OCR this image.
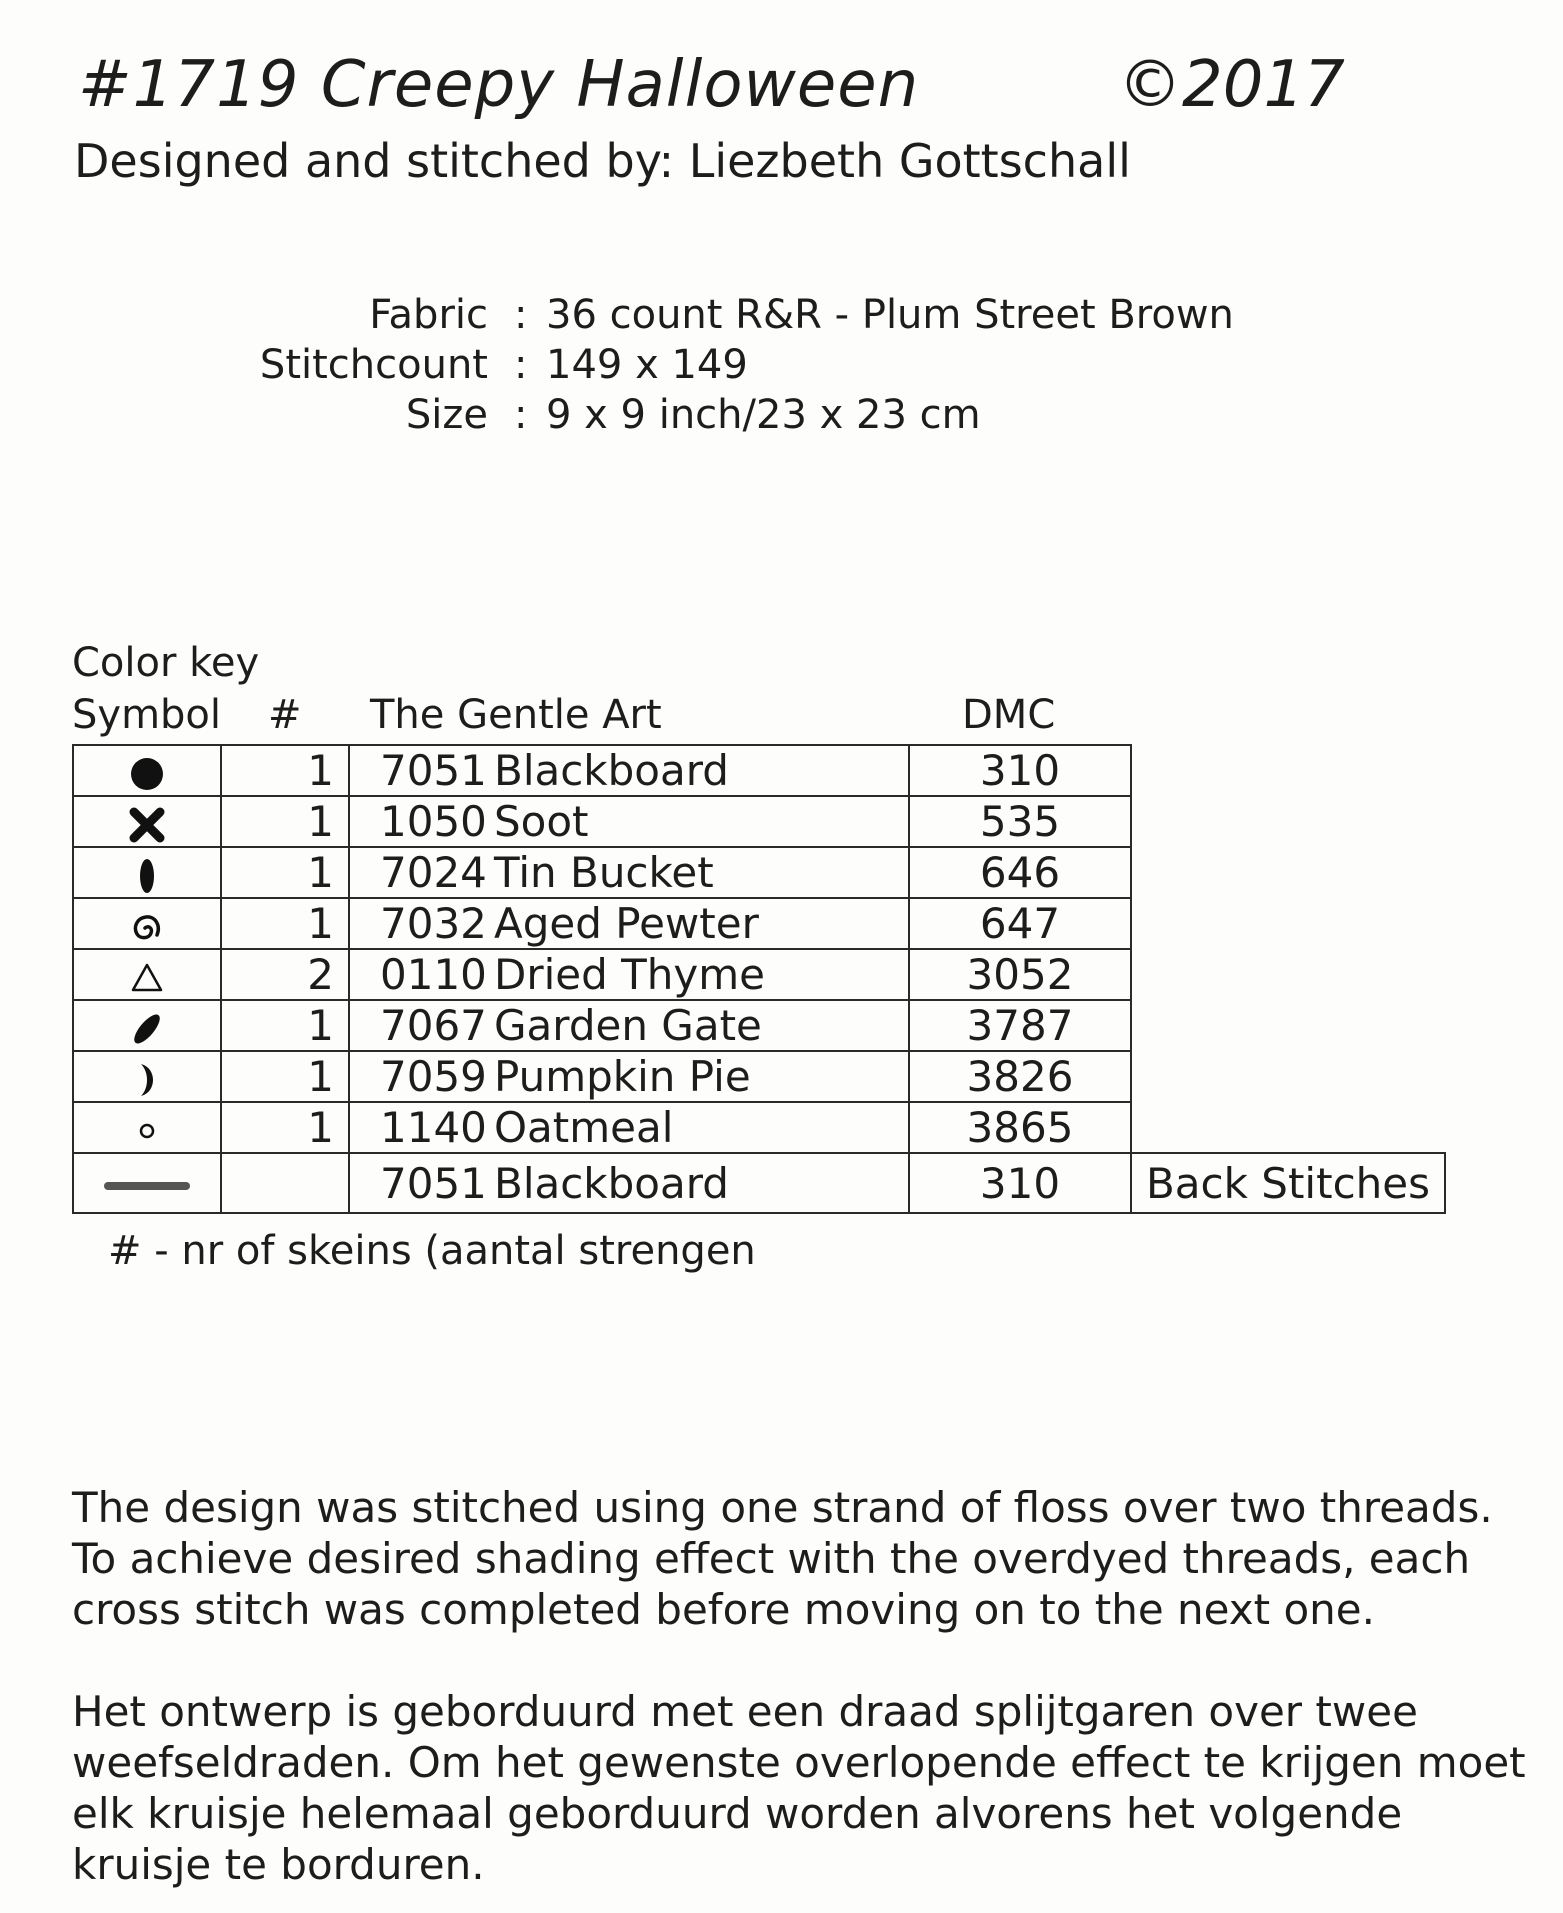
#1719 Creepy Halloween	©2017
Designed and stitched by: Liezbeth Gottschall
Fabric : 36 count R&R - Plum Street Brown
Stitchcount : 149 x 149
Size : 9 x 9 inch/23 x 23 cm
Color key
Symbol # The Gentle Art	DMC
	1	7051	Blackboard	310	
	1	1050	Soot	535	
	1	7024	Tin Bucket	646	
	1	7032	Aged Pewter	647	
	2	0110	Dried Thyme	3052	
	1	7067	Garden Gate	3787	
	1	7059	Pumpkin Pie	3826	
	1	1140	Oatmeal	3865	
		7051	Blackboard	310	Back Stitches
# - nr of skeins (aantal strengen
The design was stitched using one strand of floss over two threads. To achieve desired shading effect with the overdyed threads, each cross stitch was completed before moving on to the next one.
Het ontwerp is geborduurd met een draad splijtgaren over twee weefseldraden. Om het gewenste overlopende effect te krijgen moet elk kruisje helemaal geborduurd worden alvorens het volgende kruisje te borduren.
